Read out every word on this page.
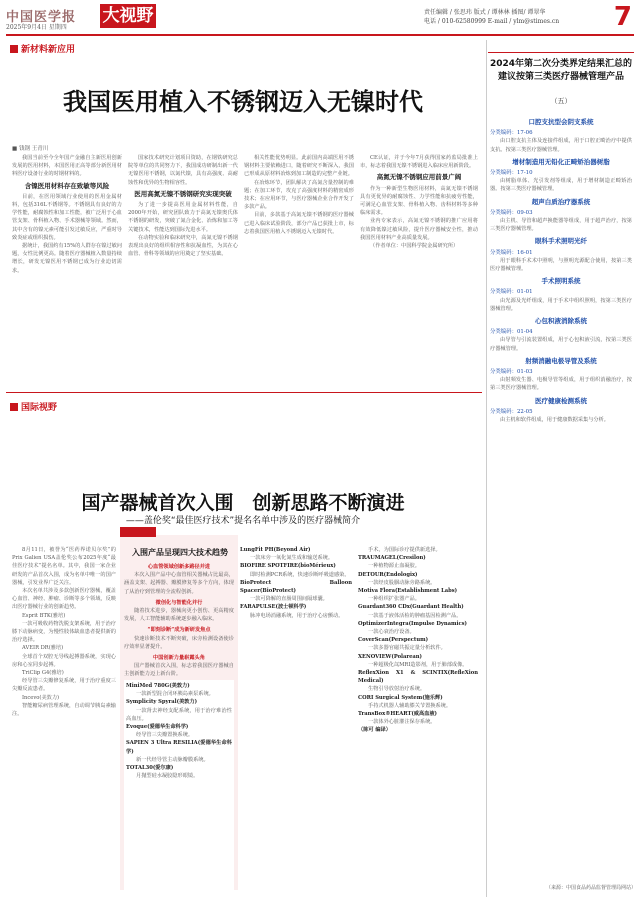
中国医学报
2025年9月4日 星期四
大视野	责任编辑 / 张思玮 版式 / 谭林林 插图/ 谭翠华
电话 / 010-62580999 E-mail / ylm@stimes.cn	7
新材料新应用
我国医用植入不锈钢迈入无镍时代
■ 钱钢 王青川

我国当前至今全年国产金融自主新医用创新发展的医用材料，本国医用正高等部分新医用材料医疗设备行业的时钢材料的。

含镍医用材料存在致敏等风险

目前，在医用领域行业使用的医用金属材料，包括316L不锈钢等。不锈钢具有良好的力学性能，耐腐蚀性和加工性能，被广泛用于心血管支架、骨科植入物、手术器械等领域。然而，其中含有的镍元素可能引发过敏反应，严重时导致炎症或组织损伤。

据统计，我国约有15%的人群存在镍过敏问题，女性比例更高。随着医疗器械植入数量持续增长，研发无镍医用不锈钢已成为行业迫切需求。

国家技术研究计划项目资助，在钢铁研究总院等单位的共同努力下，我国成功研制出新一代无镍医用不锈钢，以氮代镍，具有高强度、高耐蚀性和优异的生物相容性。

医用高氮无镍不锈钢研究实现突破

为了进一步提高医用金属材料性能，自2000年开始，研究团队致力于高氮无镍奥氏体不锈钢的研发，突破了氮合金化、冶炼和加工等关键技术，性能达到国际先进水平。

在动物实验和临床研究中，高氮无镍不锈钢表现出良好的组织相容性和抗凝血性，为其在心血管、骨科等领域的应用奠定了坚实基础。

相关性能优势明显。此前国内高端医用不锈钢材料主要依赖进口，随着研究不断深入，我国已形成从原材料冶炼到加工制造的完整产业链。

在冶炼环节，团队解决了高氮含量控制的难题；在加工环节，攻克了高强度材料的精密成形技术；在应用环节，与医疗器械企业合作开发了多款产品。

目前，多款基于高氮无镍不锈钢的医疗器械已进入临床试验阶段，部分产品已获批上市，标志着我国医用植入不锈钢迈入无镍时代。

CE认证，并于今年7月获得国家药监局批准上市，标志着我国无镍不锈钢进入临床应用新阶段。

高氮无镍不锈钢应用前景广阔

作为一种新型生物医用材料，高氮无镍不锈钢具有更优异的耐腐蚀性、力学性能和抗疲劳性能，可满足心血管支架、骨科植入物、齿科材料等多种临床需求。

业内专家表示，高氮无镍不锈钢的推广应用将有效降低镍过敏风险，提升医疗器械安全性，推动我国医用材料产业高质量发展。

（作者单位：中国科学院金属研究所）

国际视野
国产器械首次入围　创新思路不断演进
——盖伦奖“最佳医疗技术”提名名单中涉及的医疗器械简介

8月11日，被誉为“医药界诺贝尔奖”的Prix Galien USA盖伦奖公布2025年度“最佳医疗技术”提名名单。其中，我国一家企业研发的产品首次入围，成为名单中唯一的国产器械，引发业界广泛关注。

本次名单共涉及多款创新医疗器械，覆盖心血管、神经、肿瘤、诊断等多个领域，反映出医疗器械行业的创新趋势。

Esprit BTK(雅培)

一款可吸收药物洗脱支架系统，用于治疗膝下动脉病变，为慢性肢体缺血患者提供新的治疗选择。

AVEIR DR(雅培)

全球首个双腔无导线起搏器系统，实现心房和心室同步起搏。

TriClip G4(雅培)

经导管三尖瓣修复系统，用于治疗重度三尖瓣反流患者。

Incevo(美敦力)

智能糖尿病管理系统，自动调节胰岛素输注。

入围产品呈现四大技术趋势

心血管领域创新多路径并进

本次入围产品中心血管相关器械占比最高，涵盖支架、起搏器、瓣膜修复等多个方向，体现了从治疗到管理的全流程创新。

微创化与智能化并行

随着技术进步，器械向更小创伤、更高精度发展，人工智能辅助系统逐步融入临床。

“即刻诊断”成为新研发焦点

快速诊断技术不断突破，床旁检测设备使诊疗效率显著提升。

中国创新力量崭露头角

国产器械首次入围，标志着我国医疗器械自主创新能力迈上新台阶。

MiniMed 780G(美敦力)

一款新型混合闭环胰岛素泵系统。

Symplicity Spyral(美敦力)

一款肾去神经支配系统，用于治疗难治性高血压。

Evoque(爱德华生命科学)

经导管三尖瓣置换系统。

SAPIEN 3 Ultra RESILIA(爱德华生命科学)

新一代经导管主动脉瓣膜系统。

TOTAL30(爱尔康)

月抛型硅水凝胶隐形眼镜。

LungFit PH(Beyond Air)

一款床旁一氧化氮生成和输送系统。

BIOFIRE SPOTFIRE(bioMérieux)

即时检测PCR系统，快速诊断呼吸道感染。

BioProtect Balloon Spacer(BioProtect)

一款可降解的直肠周围间隔球囊。

FARAPULSE(波士顿科学)

脉冲电场消融系统，用于治疗心房颤动。

手术，为国际诊疗提供新选择。

TRAUMAGEL(Cresilon)

一种植物源止血凝胶。

DETOUR(Endologix)

一款经皮股腘动脉旁路系统。

Motiva Flora(Establishment Labs)

一种组织扩张器产品。

Guardant360 CDx(Guardant Health)

一款基于液体活检的肿瘤基因检测产品。

OptimizerIntegra(Impulse Dynamics)

一款心衰治疗设备。

CoverScan(Perspectum)

一款多器官磁共振定量分析软件。

XENOVIEW(Polarean)

一种超极化氙MRI造影剂，用于肺部成像。

ReflexXion X1 & SCINTIX(RefleXion Medical)

生物引导放射治疗系统。

CORI Surgical System(施乐辉)

手持式机器人辅助膝关节置换系统。

TransBox®HEART(威高血液)

一款体外心脏灌注保存系统。

（陈可 编译）

2024年第二次分类界定结果汇总的建议按第三类医疗器械管理产品
（五）

口腔支抗型会阴支系统

分类编码：17-06

由口腔支抗主体及连接件组成，用于口腔正畸治疗中提供支抗。按第三类医疗器械管理。

增材制造用无铅化正畸矫治器树脂

分类编码：17-10

由树脂单体、光引发剂等组成，用于增材制造正畸矫治器。按第三类医疗器械管理。

超声白质治疗器系统

分类编码：09-03

由主机、导管和超声换能器等组成，用于超声治疗，按第三类医疗器械管理。

眼科手术照明光纤

分类编码：16-01

用于眼科手术术中照明，与照明光源配合使用，按第三类医疗器械管理。

手术照明系统

分类编码：01-01

由光源及光纤组成，用于手术中组织照明，按第三类医疗器械管理。

心包积液消除系统

分类编码：01-04

由导管与引流装置组成，用于心包积液引流，按第三类医疗器械管理。

射频消融电极导管及系统

分类编码：01-03

由射频发生器、电极导管等组成，用于组织消融治疗，按第三类医疗器械管理。

医疗健康检测系统

分类编码：22-05

由主机和软件组成，用于健康数据采集与分析。

（来源：中国食品药品监督管理局网站）
